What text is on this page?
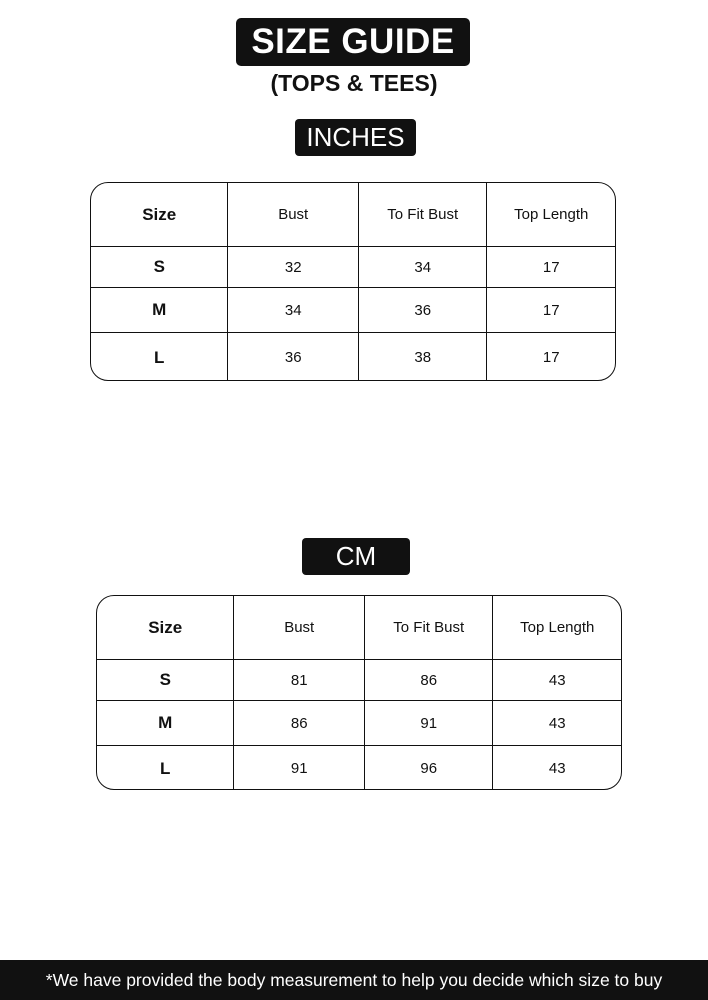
SIZE GUIDE
(TOPS & TEES)
INCHES
Size	Bust	To Fit Bust	Top Length
S	32	34	17
M	34	36	17
L	36	38	17
CM
Size	Bust	To Fit Bust	Top Length
S	81	86	43
M	86	91	43
L	91	96	43
*We have provided the body measurement to help you decide which size to buy
